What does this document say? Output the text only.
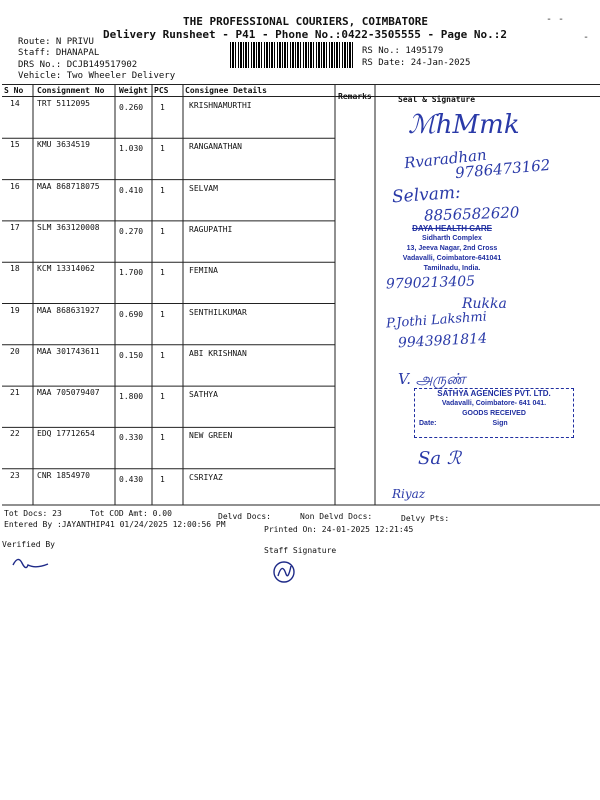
THE PROFESSIONAL COURIERS, COIMBATORE
Delivery Runsheet - P41 - Phone No.:0422-3505555 - Page No.:2
Route: N PRIVU
Staff: DHANAPAL
DRS No.: DCJB149517902
Vehicle: Two Wheeler Delivery
RS No.: 1495179
RS Date: 24-Jan-2025
- -
-
S No Consignment No Weight PCS Consignee Details
Remarks	Seal & Signature
14 TRT 5112095	0.260 1	KRISHNAMURTHI
15 KMU 3634519	1.030 1	RANGANATHAN
16 MAA 868718075 0.410 1	SELVAM
17 SLM 363120008 0.270 1	RAGUPATHI
18 KCM 13314062	1.700 1	FEMINA
19 MAA 868631927 0.690 1	SENTHILKUMAR
20 MAA 301743611 0.150 1	ABI KRISHNAN
21 MAA 705079407 1.800 1	SATHYA
22 EDQ 17712654	0.330 1	NEW GREEN
23 CNR 1854970	0.430 1	CSRIYAZ
ℳhMmk
Rvaradhan
9786473162
Selvam:
8856582620
DAYA HEALTH CARE
Sidharth Complex
13, Jeeva Nagar, 2nd Cross
Vadavalli, Coimbatore-641041
Tamilnadu, India.
9790213405
Rukka
P.Jothi Lakshmi
9943981814
V. அருண்
SATHYA AGENCIES PVT. LTD.
Vadavalli, Coimbatore- 641 041.
GOODS RECEIVED
Date:	Sign
Sa ℛ
Riyaz
Tot Docs: 23	Tot COD Amt: 0.00	Delvd Docs:	Non Delvd Docs:	Delvy Pts:
Entered By :JAYANTHIP41 01/24/2025 12:00:56 PM
Printed On: 24-01-2025 12:21:45
Verified By
Staff Signature
